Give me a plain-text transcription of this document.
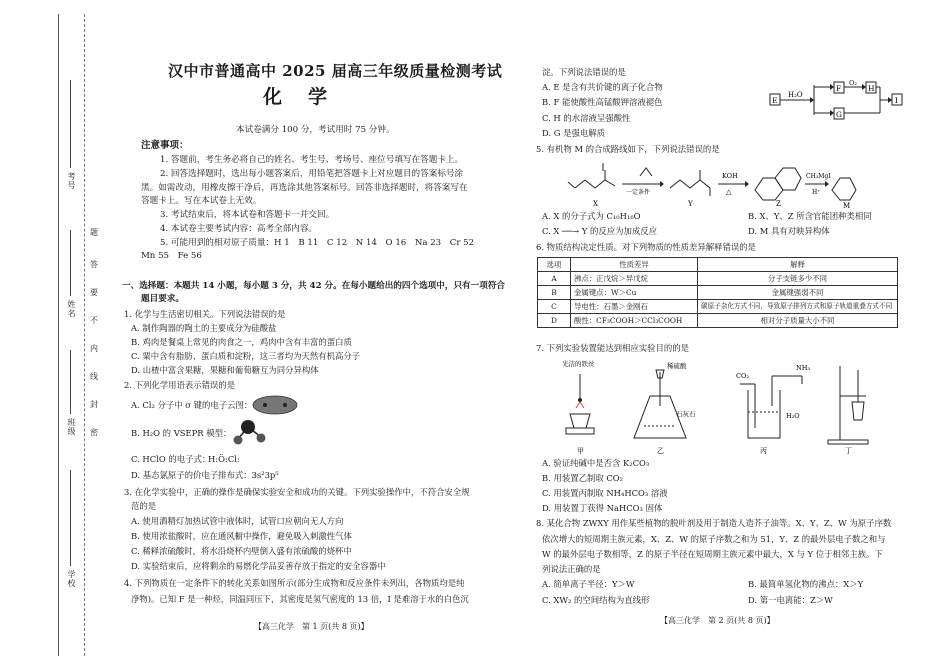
考号
姓名
班级
学校
题
答
要
不
内
线
封
密
汉中市普通高中 2025 届高三年级质量检测考试
化学
本试卷满分 100 分，考试用时 75 分钟。
注意事项：
1. 答题前，考生务必将自己的姓名、考生号、考场号、座位号填写在答题卡上。
2. 回答选择题时，选出每小题答案后，用铅笔把答题卡上对应题目的答案标号涂
黑。如需改动，用橡皮擦干净后，再选涂其他答案标号。回答非选择题时，将答案写在
答题卡上。写在本试卷上无效。
3. 考试结束后，将本试卷和答题卡一并交回。
4. 本试卷主要考试内容：高考全部内容。
5. 可能用到的相对原子质量：H 1　B 11　C 12　N 14　O 16　Na 23　Cr 52
Mn 55　Fe 56
一、选择题：本题共 14 小题，每小题 3 分，共 42 分。在每小题给出的四个选项中，只有一项符合
题目要求。
1. 化学与生活密切相关。下列说法错误的是
A. 制作陶器的陶土的主要成分为硅酸盐
B. 鸡肉是餐桌上常见的肉食之一，鸡肉中含有丰富的蛋白质
C. 粟中含有脂肪、蛋白质和淀粉，这三者均为天然有机高分子
D. 山楂中富含果糖，果糖和葡萄糖互为同分异构体
2. 下列化学用语表示错误的是
A. Cl₂ 分子中 σ 键的电子云图：
B. H₂O 的 VSEPR 模型：
C. HClO 的电子式：
H:Ö:Cl:
D. 基态氯原子的价电子排布式：3s²3p⁵
3. 在化学实验中，正确的操作是确保实验安全和成功的关键。下列实验操作中，不符合安全规
范的是
A. 使用酒精灯加热试管中液体时，试管口应朝向无人方向
B. 使用浓盐酸时，应在通风橱中操作，避免吸入刺激性气体
C. 稀释浓硫酸时，将水沿烧杯内壁倒入盛有浓硫酸的烧杯中
D. 实验结束后，应将剩余的易燃化学品妥善存放于指定的安全容器中
4. 下列物质在一定条件下的转化关系如图所示(部分生成物和反应条件未列出，各物质均是纯
净物)。已知 F 是一种烃，同温同压下，其密度是氢气密度的 13 倍，I 是难溶于水的白色沉
【高三化学　第 1 页(共 8 页)】
淀。下列说法错误的是
A. E 是含有共价键的离子化合物
B. F 能使酸性高锰酸钾溶液褪色
C. H 的水溶液呈强酸性
D. G 是强电解质
E
H₂O
F
O₂
H
G
I
5. 有机物 M 的合成路线如下，下列说法错误的是
一定条件
KOH
△
CH₃MgI
H⁺
X	Y	Z	M
A. X 的分子式为 C₁₀H₁₆O	B. X、Y、Z 所含官能团种类相同
C. X ──→ Y 的反应为加成反应	D. M 具有对映异构体
6. 物质结构决定性质。对下列物质的性质差异解释错误的是
选项	性质差异	解释
A	沸点：正戊烷＞异戊烷	分子支链多少不同
B	金属键点：W＞Cu	金属键强弱不同
C	导电性：石墨＞金刚石	碳原子杂化方式不同，导致原子排列方式和原子轨道重叠方式不同
D	酸性：CF₃COOH＞CCl₃COOH	相对分子质量大小不同
7. 下列实验装置能达到相应实验目的的是
光洁的铁丝	稀硫酸
石灰石
CO₂
NH₃
H₂O
甲	乙	丙	丁
A. 验证纯碱中是否含 K₂CO₃
B. 用装置乙制取 CO₂
C. 用装置丙制取 NH₄HCO₃ 溶液
D. 用装置丁获得 NaHCO₃ 固体
8. 某化合物 ZWXY 用作某些植物的脱叶剂及用于制造人造芥子油等。X、Y、Z、W 为原子序数
依次增大的短周期主族元素，X、Z、W 的原子序数之和为 51，Y、Z 的最外层电子数之和与
W 的最外层电子数相等，Z 的原子半径在短周期主族元素中最大，X 与 Y 位于相邻主族。下
列说法正确的是
A. 简单离子半径：Y＞W	B. 最简单氢化物的沸点：X＞Y
C. XW₂ 的空间结构为直线形	D. 第一电离能：Z＞W
【高三化学　第 2 页(共 8 页)】
